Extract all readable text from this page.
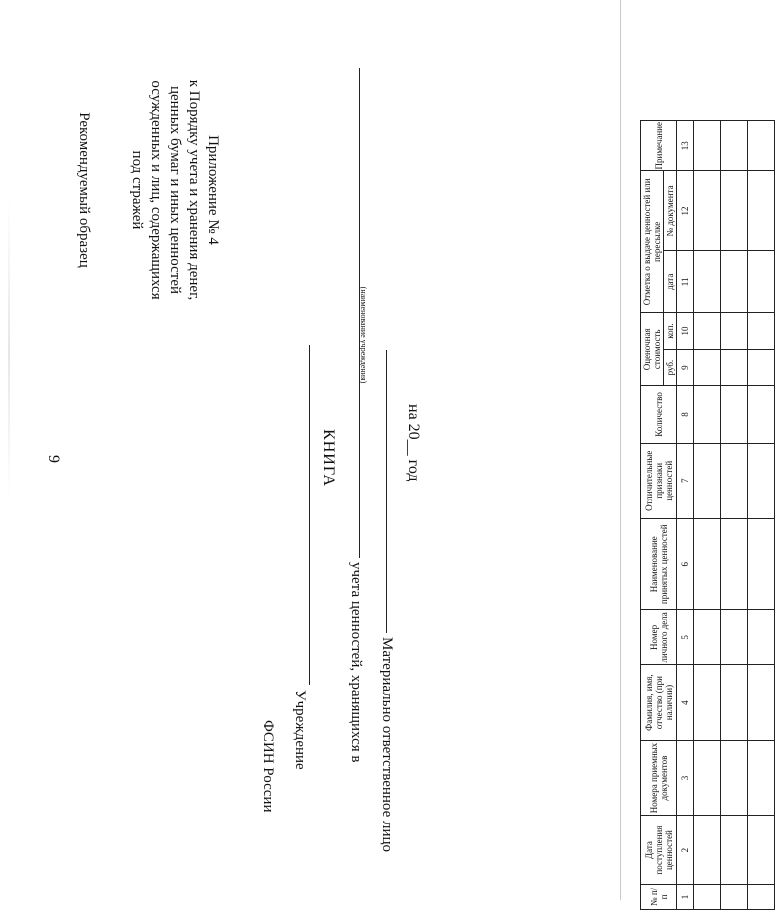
9
Приложение № 4
к Порядку учета и хранения денег,
ценных бумаг и иных ценностей
осужденных и лиц, содержащихся
под стражей
Рекомендуемый образец
ФСИН России Учреждение
КНИГА
учета ценностей, хранящихся в
(наименование учреждения)
Материально ответственное лицо
на 20__ год
№ п/п	Дата поступления ценностей	Номера приемных документов	Фамилия, имя, отчество (при наличии)	Номер личного дела	Наименование принятых ценностей	Отличительные признаки ценностей	Количество	Оценочная стоимость		Отметка о выдаче ценностей или пересылке		Примечание
								руб.	коп.	дата	№ документа	
1	2	3	4	5	6	7	8	9	10	11	12	13
